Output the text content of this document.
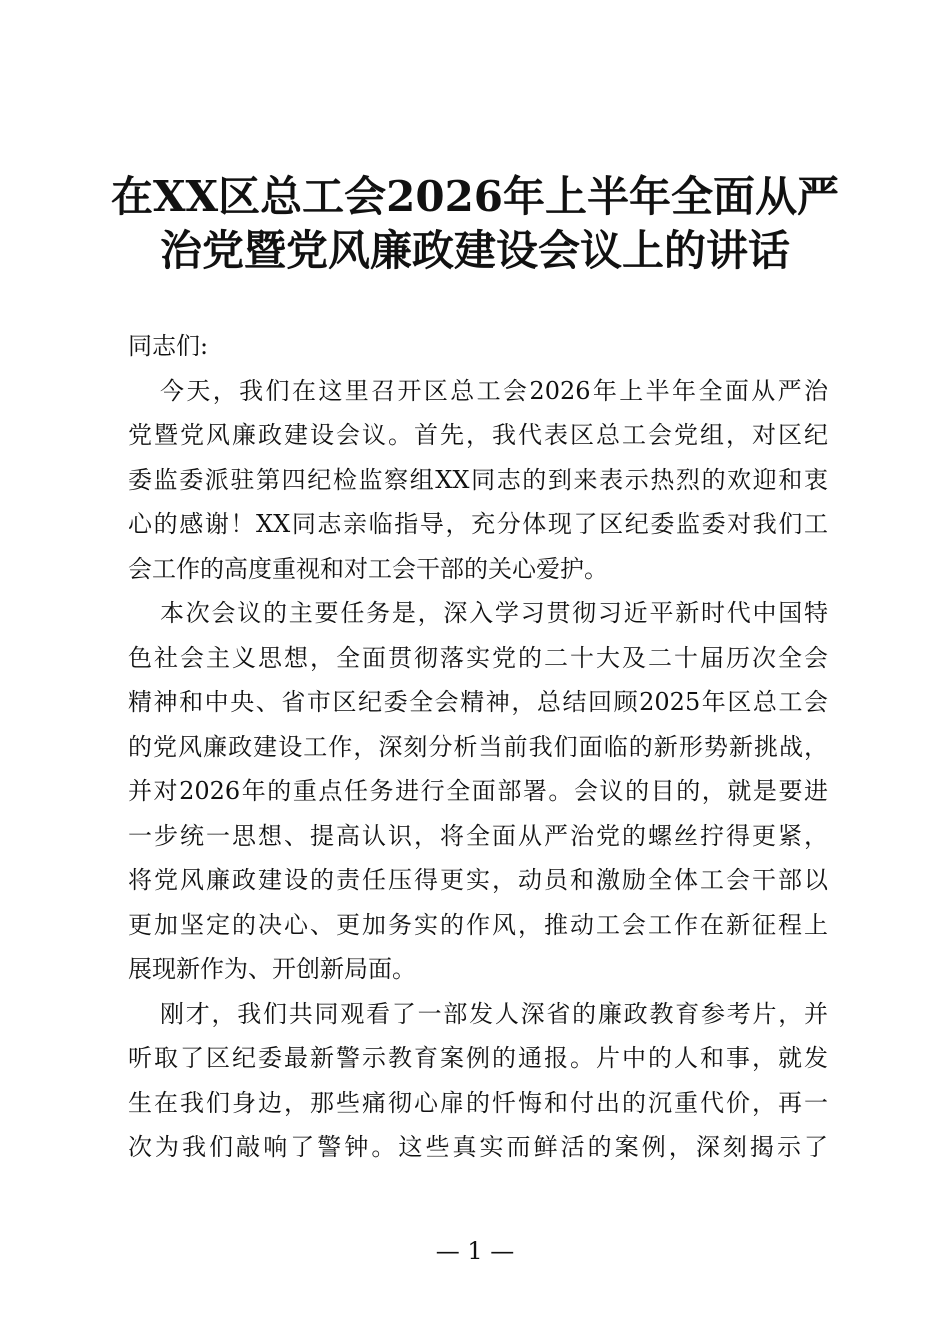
在XX区总工会2026年上半年全面从严
治党暨党风廉政建设会议上的讲话

同志们:

今天，我们在这里召开区总工会2026年上半年全面从严治
党暨党风廉政建设会议。首先，我代表区总工会党组，对区纪
委监委派驻第四纪检监察组XX同志的到来表示热烈的欢迎和衷
心的感谢！XX同志亲临指导，充分体现了区纪委监委对我们工
会工作的高度重视和对工会干部的关心爱护。
本次会议的主要任务是，深入学习贯彻习近平新时代中国特
色社会主义思想，全面贯彻落实党的二十大及二十届历次全会
精神和中央、省市区纪委全会精神，总结回顾2025年区总工会
的党风廉政建设工作，深刻分析当前我们面临的新形势新挑战，
并对2026年的重点任务进行全面部署。会议的目的，就是要进
一步统一思想、提高认识，将全面从严治党的螺丝拧得更紧，
将党风廉政建设的责任压得更实，动员和激励全体工会干部以
更加坚定的决心、更加务实的作风，推动工会工作在新征程上
展现新作为、开创新局面。
刚才，我们共同观看了一部发人深省的廉政教育参考片，并
听取了区纪委最新警示教育案例的通报。片中的人和事，就发
生在我们身边，那些痛彻心扉的忏悔和付出的沉重代价，再一
次为我们敲响了警钟。这些真实而鲜活的案例，深刻揭示了
— 1 —
